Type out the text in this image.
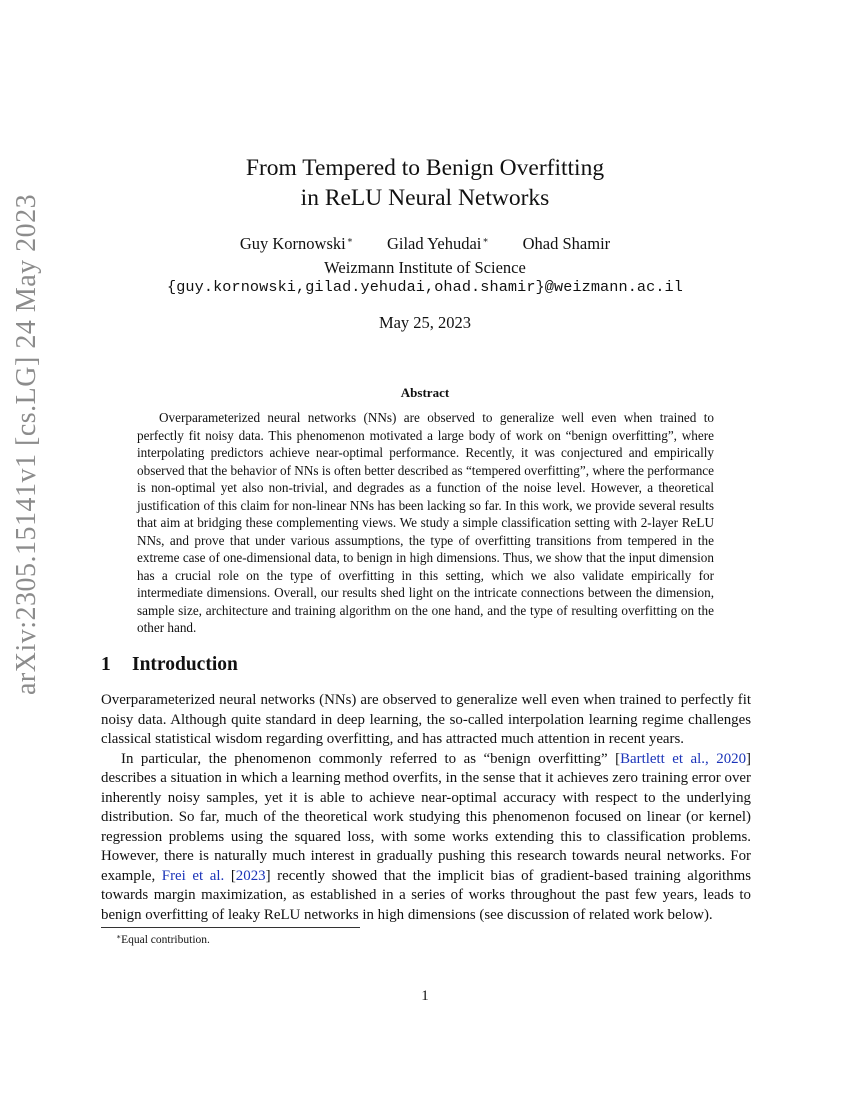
arXiv:2305.15141v1 [cs.LG] 24 May 2023
From Tempered to Benign Overfitting
in ReLU Neural Networks
Guy Kornowski∗ Gilad Yehudai∗ Ohad Shamir
Weizmann Institute of Science
{guy.kornowski,gilad.yehudai,ohad.shamir}@weizmann.ac.il
May 25, 2023
Abstract

Overparameterized neural networks (NNs) are observed to generalize well even when trained to perfectly fit noisy data. This phenomenon motivated a large body of work on “benign overfitting”, where interpolating predictors achieve near-optimal performance. Recently, it was conjectured and empirically observed that the behavior of NNs is often better described as “tempered overfitting”, where the performance is non-optimal yet also non-trivial, and degrades as a function of the noise level. However, a theoretical justification of this claim for non-linear NNs has been lacking so far. In this work, we provide several results that aim at bridging these complementing views. We study a simple classification setting with 2-layer ReLU NNs, and prove that under various assumptions, the type of overfitting transitions from tempered in the extreme case of one-dimensional data, to benign in high dimensions. Thus, we show that the input dimension has a crucial role on the type of overfitting in this setting, which we also validate empirically for intermediate dimensions. Overall, our results shed light on the intricate connections between the dimension, sample size, architecture and training algorithm on the one hand, and the type of resulting overfitting on the other hand.

1 Introduction

Overparameterized neural networks (NNs) are observed to generalize well even when trained to perfectly fit noisy data. Although quite standard in deep learning, the so-called interpolation learning regime challenges classical statistical wisdom regarding overfitting, and has attracted much attention in recent years.

In particular, the phenomenon commonly referred to as “benign overfitting” [Bartlett et al., 2020] describes a situation in which a learning method overfits, in the sense that it achieves zero training error over inherently noisy samples, yet it is able to achieve near-optimal accuracy with respect to the underlying distribution. So far, much of the theoretical work studying this phenomenon focused on linear (or kernel) regression problems using the squared loss, with some works extending this to classification problems. However, there is naturally much interest in gradually pushing this research towards neural networks. For example, Frei et al. [2023] recently showed that the implicit bias of gradient-based training algorithms towards margin maximization, as established in a series of works throughout the past few years, leads to benign overfitting of leaky ReLU networks in high dimensions (see discussion of related work below).

∗Equal contribution.
1
